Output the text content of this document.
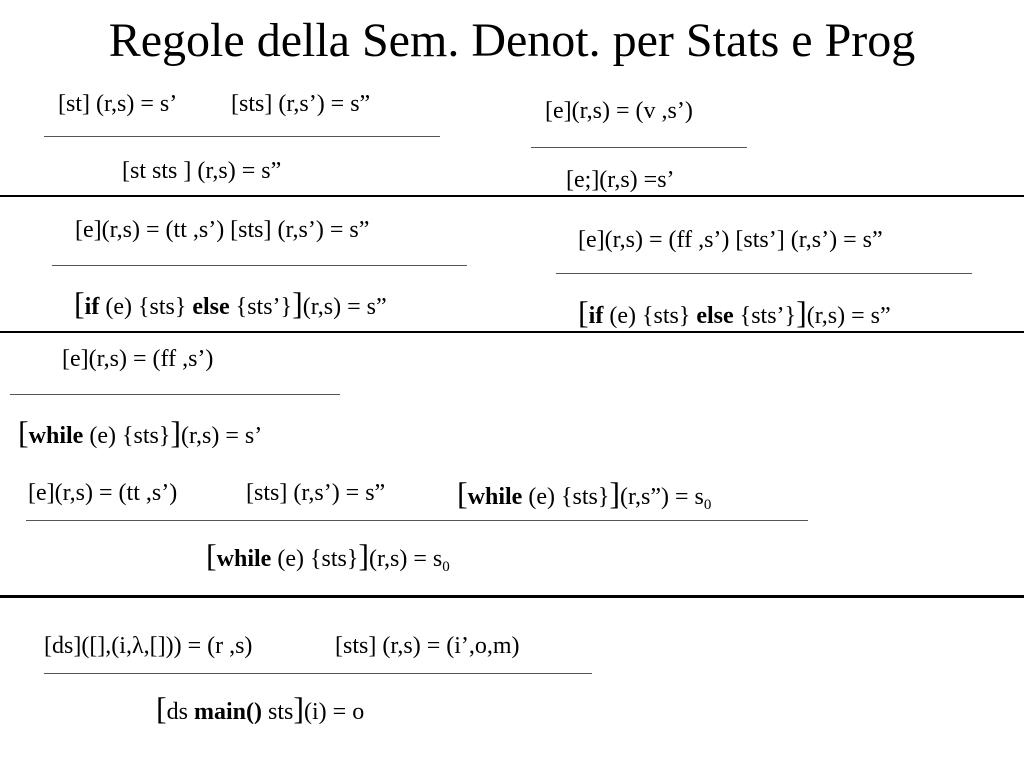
Regole della Sem. Denot. per Stats e Prog
[st] (r,s) = s’ [sts] (r,s’) = s”
[st sts ] (r,s) = s”
[e](r,s) = (v ,s’)
[e;](r,s) =s’
[e](r,s) = (tt ,s’) [sts] (r,s’) = s”
[if (e) {sts} else {sts’}](r,s) = s”
[e](r,s) = (ff ,s’) [sts’] (r,s’) = s”
[if (e) {sts} else {sts’}](r,s) = s”
[e](r,s) = (ff ,s’)
[while (e) {sts}](r,s) = s’
[e](r,s) = (tt ,s’)	[sts] (r,s’) = s” [while (e) {sts}](r,s”) = $s_0$
[while (e) $\{sts\}](r,s) = s_0$
[ds]([],(i,λ,[])) = (r ,s)	[sts] (r,s) = (i’,o,m)
[ds main() sts](i) = o
